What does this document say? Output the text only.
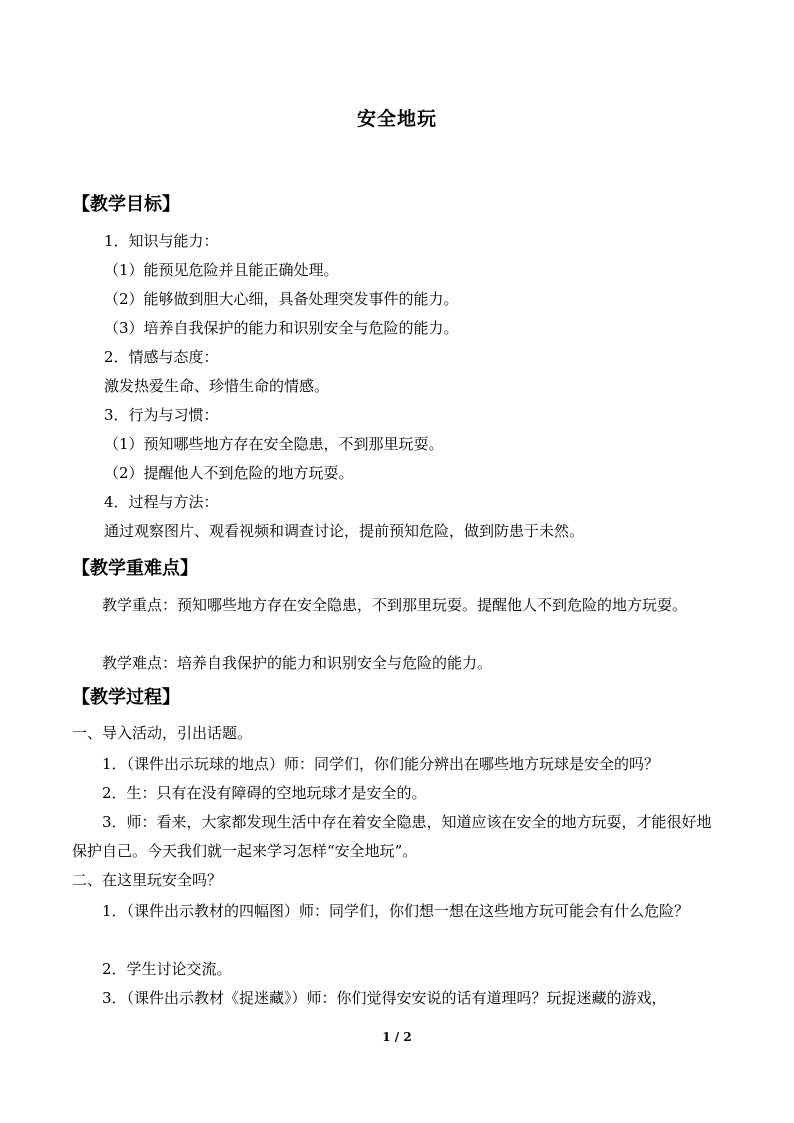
安全地玩
【教学目标】
1．知识与能力：
（1）能预见危险并且能正确处理。
（2）能够做到胆大心细，具备处理突发事件的能力。
（3）培养自我保护的能力和识别安全与危险的能力。
2．情感与态度：
激发热爱生命、珍惜生命的情感。
3．行为与习惯：
（1）预知哪些地方存在安全隐患，不到那里玩耍。
（2）提醒他人不到危险的地方玩耍。
4．过程与方法：
通过观察图片、观看视频和调查讨论，提前预知危险，做到防患于未然。
【教学重难点】
教学重点：预知哪些地方存在安全隐患，不到那里玩耍。提醒他人不到危险的地方玩耍。
教学难点：培养自我保护的能力和识别安全与危险的能力。
【教学过程】
一、导入活动，引出话题。
1．（课件出示玩球的地点）师：同学们，你们能分辨出在哪些地方玩球是安全的吗？
2．生：只有在没有障碍的空地玩球才是安全的。
3．师：看来，大家都发现生活中存在着安全隐患，知道应该在安全的地方玩耍，才能很好地保护自己。今天我们就一起来学习怎样“安全地玩”。
二、在这里玩安全吗？
1．（课件出示教材的四幅图）师：同学们，你们想一想在这些地方玩可能会有什么危险？
2．学生讨论交流。
3．（课件出示教材《捉迷藏》）师：你们觉得安安说的话有道理吗？玩捉迷藏的游戏，
1 / 2
